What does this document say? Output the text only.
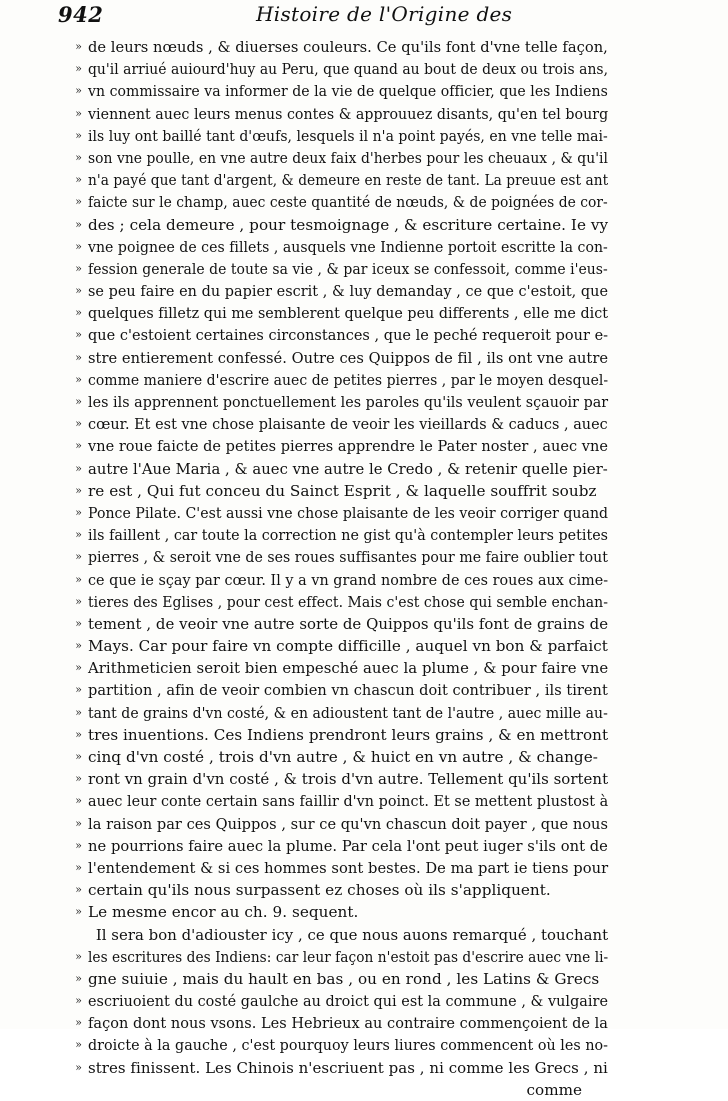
942	Histoire de l'Origine des
» de leurs nœuds , & diuerses couleurs. Ce qu'ils font d'vne telle façon,
» qu'il arriué auiourd'huy au Peru, que quand au bout de deux ou trois ans,
» vn commissaire va informer de la vie de quelque officier, que les Indiens
» viennent auec leurs menus contes & approuuez disants, qu'en tel bourg
» ils luy ont baillé tant d'œufs, lesquels il n'a point payés, en vne telle mai-
» son vne poulle, en vne autre deux faix d'herbes pour les cheuaux , & qu'il
» n'a payé que tant d'argent, & demeure en reste de tant. La preuue est ant
» faicte sur le champ, auec ceste quantité de nœuds, & de poignées de cor-
» des ; cela demeure , pour tesmoignage , & escriture certaine. Ie vy
» vne poignee de ces fillets , ausquels vne Indienne portoit escritte la con-
» fession generale de toute sa vie , & par iceux se confessoit, comme i'eus-
» se peu faire en du papier escrit , & luy demanday , ce que c'estoit, que
» quelques filletz qui me semblerent quelque peu differents , elle me dict
» que c'estoient certaines circonstances , que le peché requeroit pour e-
» stre entierement confessé. Outre ces Quippos de fil , ils ont vne autre
» comme maniere d'escrire auec de petites pierres , par le moyen desquel-
» les ils apprennent ponctuellement les paroles qu'ils veulent sçauoir par
» cœur. Et est vne chose plaisante de veoir les vieillards & caducs , auec
» vne roue faicte de petites pierres apprendre le Pater noster , auec vne
» autre l'Aue Maria , & auec vne autre le Credo , & retenir quelle pier-
» re est , Qui fut conceu du Sainct Esprit , & laquelle souffrit soubz
» Ponce Pilate. C'est aussi vne chose plaisante de les veoir corriger quand
» ils faillent , car toute la correction ne gist qu'à contempler leurs petites
» pierres , & seroit vne de ses roues suffisantes pour me faire oublier tout
» ce que ie sçay par cœur. Il y a vn grand nombre de ces roues aux cime-
» tieres des Eglises , pour cest effect. Mais c'est chose qui semble enchan-
» tement , de veoir vne autre sorte de Quippos qu'ils font de grains de
» Mays. Car pour faire vn compte difficille , auquel vn bon & parfaict
» Arithmeticien seroit bien empesché auec la plume , & pour faire vne
» partition , afin de veoir combien vn chascun doit contribuer , ils tirent
» tant de grains d'vn costé, & en adioustent tant de l'autre , auec mille au-
» tres inuentions. Ces Indiens prendront leurs grains , & en mettront
» cinq d'vn costé , trois d'vn autre , & huict en vn autre , & change-
» ront vn grain d'vn costé , & trois d'vn autre. Tellement qu'ils sortent
» auec leur conte certain sans faillir d'vn poinct. Et se mettent plustost à
» la raison par ces Quippos , sur ce qu'vn chascun doit payer , que nous
» ne pourrions faire auec la plume. Par cela l'ont peut iuger s'ils ont de
» l'entendement & si ces hommes sont bestes. De ma part ie tiens pour
» certain qu'ils nous surpassent ez choses où ils s'appliquent.
» Le mesme encor au ch. 9. sequent.
Il sera bon d'adiouster icy , ce que nous auons remarqué , touchant
» les escritures des Indiens: car leur façon n'estoit pas d'escrire auec vne li-
» gne suiuie , mais du hault en bas , ou en rond , les Latins & Grecs
» escriuoient du costé gaulche au droict qui est la commune , & vulgaire
» façon dont nous vsons. Les Hebrieux au contraire commençoient de la
» droicte à la gauche , c'est pourquoy leurs liures commencent où les no-
» stres finissent. Les Chinois n'escriuent pas , ni comme les Grecs , ni
comme
